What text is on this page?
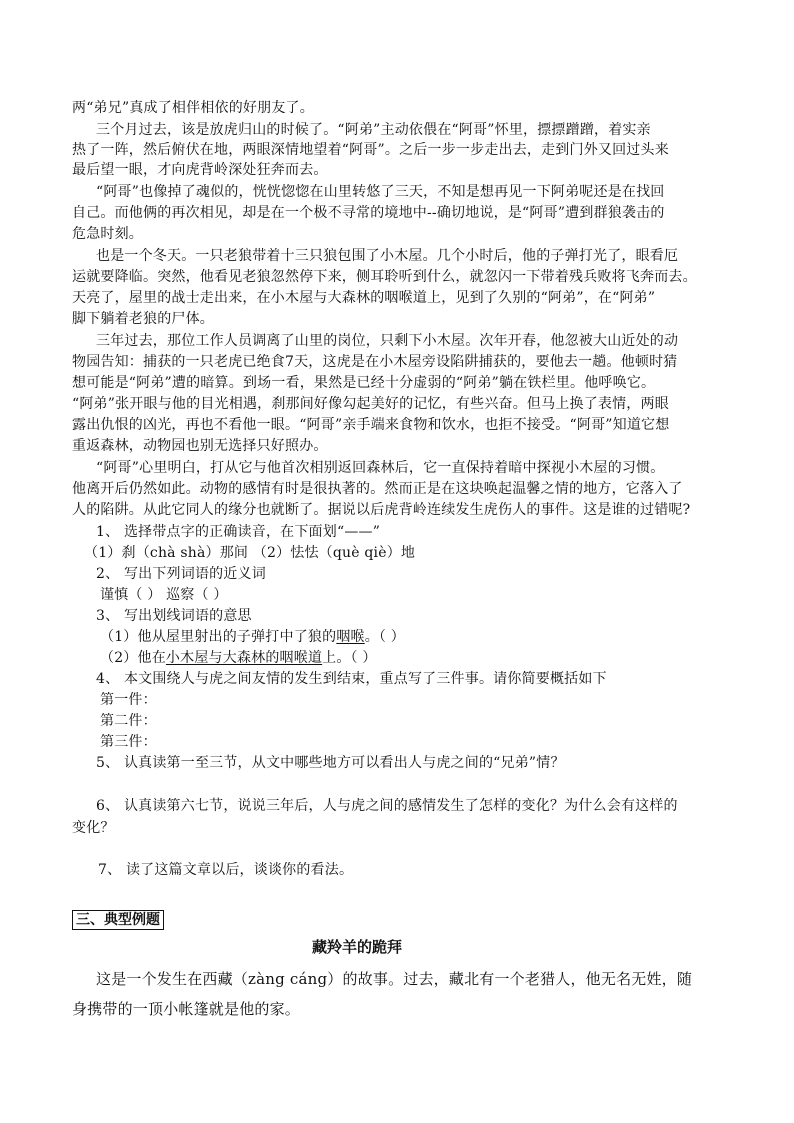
两“弟兄”真成了相伴相依的好朋友了。
三个月过去，该是放虎归山的时候了。“阿弟”主动依偎在“阿哥”怀里，摽摽蹭蹭，着实亲
热了一阵，然后俯伏在地，两眼深情地望着“阿哥”。之后一步一步走出去，走到门外又回过头来
最后望一眼，才向虎背岭深处狂奔而去。
“阿哥”也像掉了魂似的，恍恍惚惚在山里转悠了三天，不知是想再见一下阿弟呢还是在找回
自己。而他俩的再次相见，却是在一个极不寻常的境地中--确切地说，是“阿哥”遭到群狼袭击的
危急时刻。
也是一个冬天。一只老狼带着十三只狼包围了小木屋。几个小时后，他的子弹打光了，眼看厄
运就要降临。突然，他看见老狼忽然停下来，侧耳聆听到什么，就忽闪一下带着残兵败将飞奔而去。
天亮了，屋里的战士走出来，在小木屋与大森林的咽喉道上，见到了久别的“阿弟”，在“阿弟”
脚下躺着老狼的尸体。
三年过去，那位工作人员调离了山里的岗位，只剩下小木屋。次年开春，他忽被大山近处的动
物园告知：捕获的一只老虎已绝食7天，这虎是在小木屋旁设陷阱捕获的，要他去一趟。他顿时猜
想可能是“阿弟”遭的暗算。到场一看，果然是已经十分虚弱的“阿弟”躺在铁栏里。他呼唤它。
“阿弟”张开眼与他的目光相遇，刹那间好像勾起美好的记忆，有些兴奋。但马上换了表情，两眼
露出仇恨的凶光，再也不看他一眼。“阿哥”亲手端来食物和饮水，也拒不接受。“阿哥”知道它想
重返森林，动物园也别无选择只好照办。
“阿哥”心里明白，打从它与他首次相别返回森林后，它一直保持着暗中探视小木屋的习惯。
他离开后仍然如此。动物的感情有时是很执著的。然而正是在这块唤起温馨之情的地方，它落入了
人的陷阱。从此它同人的缘分也就断了。据说以后虎背岭连续发生虎伤人的事件。这是谁的过错呢?
1、 选择带点字的正确读音，在下面划“——”
（1）刹（chà shà）那间 （2）怯怯（què qiè）地
2、 写出下列词语的近义词
谨慎（ ） 巡察（ ）
3、 写出划线词语的意思
（1）他从屋里射出的子弹打中了狼的咽喉。（ ）
（2）他在小木屋与大森林的咽喉道上。（ ）
4、 本文围绕人与虎之间友情的发生到结束，重点写了三件事。请你简要概括如下
第一件：
第二件：
第三件：
5、 认真读第一至三节，从文中哪些地方可以看出人与虎之间的“兄弟”情？
6、 认真读第六七节，说说三年后，人与虎之间的感情发生了怎样的变化？为什么会有这样的
变化？
7、 读了这篇文章以后，谈谈你的看法。
三、典型例题
藏羚羊的跪拜
这是一个发生在西藏（zàng cáng）的故事。过去，藏北有一个老猎人，他无名无姓，随
身携带的一顶小帐篷就是他的家。
